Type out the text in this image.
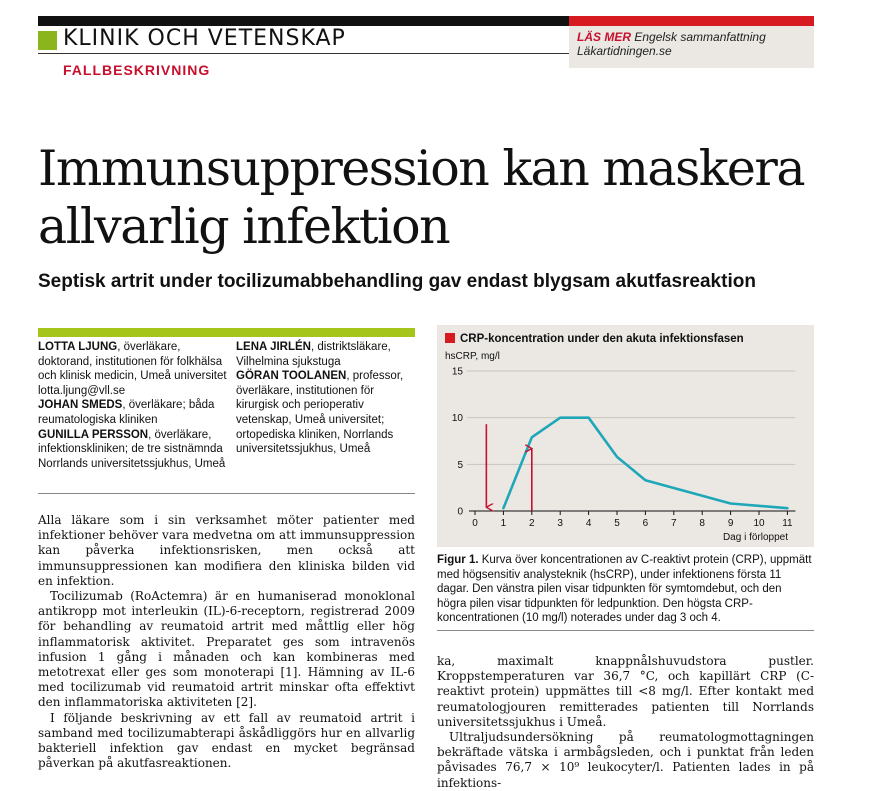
LÄS MER Engelsk sammanfattning
Läkartidningen.se
KLINIK OCH VETENSKAP
FALLBESKRIVNING
Immunsuppression kan maskera
allvarlig infektion
Septisk artrit under tocilizumabbehandling gav endast blygsam akutfasreaktion

LOTTA LJUNG, överläkare, doktorand, institutionen för folkhälsa och klinisk medicin, Umeå universitet lotta.ljung@vll.se

JOHAN SMEDS, överläkare; båda reumatologiska kliniken

GUNILLA PERSSON, överläkare, infektionskliniken; de tre sistnämnda Norrlands universitetssjukhus, Umeå

LENA JIRLÉN, distriktsläkare, Vilhelmina sjukstuga

GÖRAN TOOLANEN, professor, överläkare, institutionen för kirurgisk och perioperativ vetenskap, Umeå universitet; ortopediska kliniken, Norrlands universitetssjukhus, Umeå

Alla läkare som i sin verksamhet möter patienter med infektioner behöver vara medvetna om att immunsuppression kan påverka infektionsrisken, men också att immunsuppressionen kan modifiera den kliniska bilden vid en infektion.

Tocilizumab (RoActemra) är en humaniserad monoklonal antikropp mot interleukin (IL)-6-receptorn, registrerad 2009 för behandling av reumatoid artrit med måttlig eller hög inflammatorisk aktivitet. Preparatet ges som intravenös infusion 1 gång i månaden och kan kombineras med metotrexat eller ges som monoterapi [1]. Hämning av IL-6 med tocilizumab vid reumatoid artrit minskar ofta effektivt den inflammatoriska aktiviteten [2].

I följande beskrivning av ett fall av reumatoid artrit i samband med tocilizumabterapi åskådliggörs hur en allvarlig bakteriell infektion gav endast en mycket begränsad påverkan på akutfasreaktionen.

CRP-koncentration under den akuta infektionsfasen
hsCRP, mg/l
Dag i förloppet
0
5
10
15
0 1 2 3 4 5 6 7 8 9 10 11

Figur 1. Kurva över koncentrationen av C-reaktivt protein (CRP), uppmätt med högsensitiv analysteknik (hsCRP), under infektionens första 11 dagar. Den vänstra pilen visar tidpunkten för symtomdebut, och den högra pilen visar tidpunkten för ledpunktion. Den högsta CRP-koncentrationen (10 mg/l) noterades under dag 3 och 4.

ka, maximalt knappnålshuvudstora pustler. Kroppstemperaturen var 36,7 °C, och kapillärt CRP (C-reaktivt protein) uppmättes till <8 mg/l. Efter kontakt med reumatologjouren remitterades patienten till Norrlands universitetssjukhus i Umeå.

Ultraljudsundersökning på reumatologmottagningen bekräftade vätska i armbågsleden, och i punktat från leden påvisades 76,7 × 10⁹ leukocyter/l. Patienten lades in på infektions-
